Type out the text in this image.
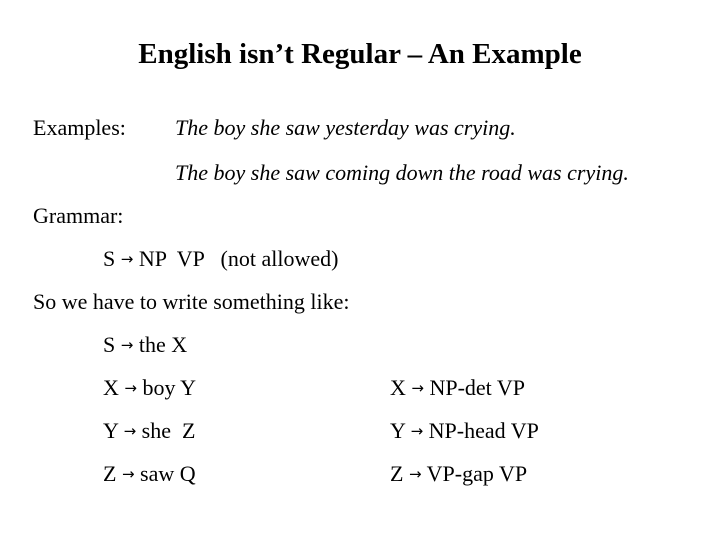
English isn’t Regular – An Example
Examples: The boy she saw yesterday was crying.
The boy she saw coming down the road was crying.
Grammar:
S → NP  VP   (not allowed)
So we have to write something like:
S → the X
X → boy Y	X → NP-det VP
Y → she  Z	Y → NP-head VP
Z → saw Q	Z → VP-gap VP
